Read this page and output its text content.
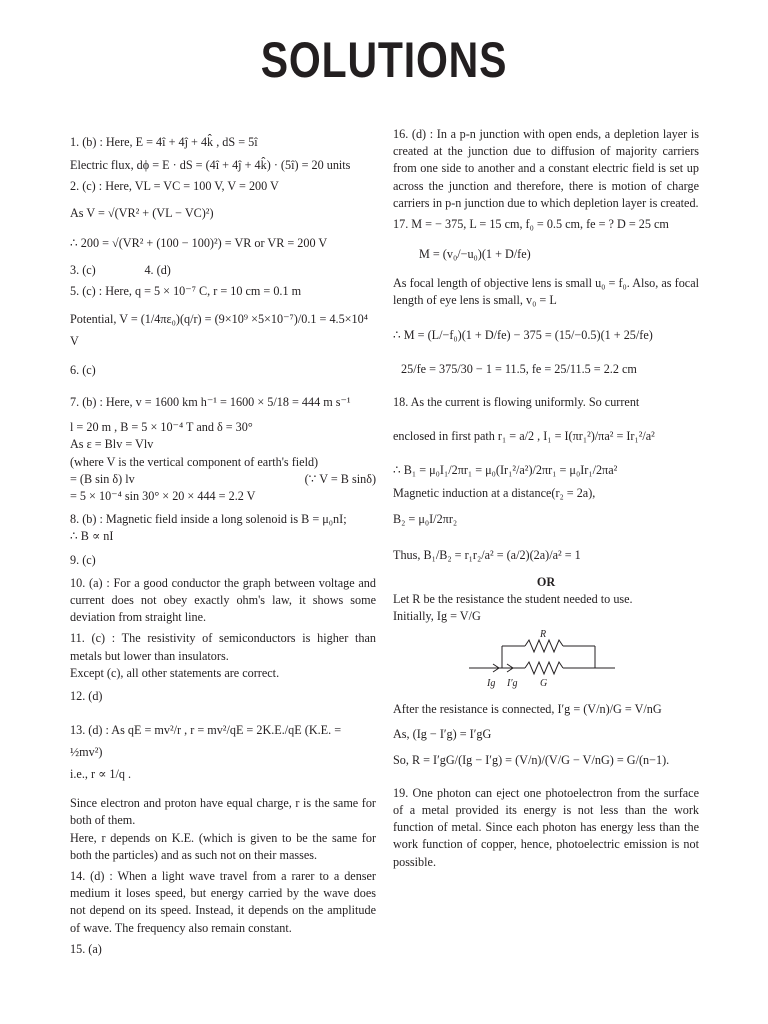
SOLUTIONS

1. (b) : Here, E = 4î + 4ĵ + 4k̂ , dS = 5î

Electric flux, dϕ = E · dS = (4î + 4ĵ + 4k̂) · (5î) = 20 units

2. (c) : Here, VL = VC = 100 V, V = 200 V

As V = √(VR² + (VL − VC)²)

∴ 200 = √(VR² + (100 − 100)²) = VR or VR = 200 V

3. (c)                4. (d)

5. (c) : Here, q = 5 × 10⁻⁷ C, r = 10 cm = 0.1 m

Potential, V = (1/4πε₀)(q/r) = (9×10⁹ ×5×10⁻⁷)/0.1 = 4.5×10⁴ V

6. (c)

7. (b) : Here, v = 1600 km h⁻¹ = 1600 × 5/18 = 444 m s⁻¹

l = 20 m , B = 5 × 10⁻⁴ T and δ = 30°

As ε = Blv = Vlv

(where V is the vertical component of earth's field)

= (B sin δ) lv	(∵ V = B sinδ)

= 5 × 10⁻⁴ sin 30° × 20 × 444 = 2.2 V

8. (b) : Magnetic field inside a long solenoid is B = μ₀nI;

∴ B ∝ nI

9. (c)

10. (a) : For a good conductor the graph between voltage and current does not obey exactly ohm's law, it shows some deviation from straight line.

11. (c) : The resistivity of semiconductors is higher than metals but lower than insulators.

Except (c), all other statements are correct.

12. (d)

13. (d) : As qE = mv²/r , r = mv²/qE = 2K.E./qE (K.E. = ½mv²)

i.e., r ∝ 1/q .

Since electron and proton have equal charge, r is the same for both of them.

Here, r depends on K.E. (which is given to be the same for both the particles) and as such not on their masses.

14. (d) : When a light wave travel from a rarer to a denser medium it loses speed, but energy carried by the wave does not depend on its speed. Instead, it depends on the amplitude of wave. The frequency also remain constant.

15. (a)

16. (d) : In a p-n junction with open ends, a depletion layer is created at the junction due to diffusion of majority carriers from one side to another and a constant electric field is set up across the junction and therefore, there is motion of charge carriers in p-n junction due to which depletion layer is created.

17. M = − 375, L = 15 cm, f₀ = 0.5 cm, fe = ? D = 25 cm

M = (v₀/−u₀)(1 + D/fe)

As focal length of objective lens is small u₀ = f₀. Also, as focal length of eye lens is small, v₀ = L

∴ M = (L/−f₀)(1 + D/fe) − 375 = (15/−0.5)(1 + 25/fe)

25/fe = 375/30 − 1 = 11.5, fe = 25/11.5 = 2.2 cm

18. As the current is flowing uniformly. So current

enclosed in first path r₁ = a/2 , I₁ = I(πr₁²)/πa² = Ir₁²/a²

∴ B₁ = μ₀I₁/2πr₁ = μ₀(Ir₁²/a²)/2πr₁ = μ₀Ir₁/2πa²

Magnetic induction at a distance(r₂ = 2a),

B₂ = μ₀I/2πr₂

Thus, B₁/B₂ = r₁r₂/a² = (a/2)(2a)/a² = 1

OR

Let R be the resistance the student needed to use.

Initially, Ig = V/G

R
Ig I′g G

After the resistance is connected, I′g = (V/n)/G = V/nG

As, (Ig − I′g) = I′gG

So, R = I′gG/(Ig − I′g) = (V/n)/(V/G − V/nG) = G/(n−1).

19. One photon can eject one photoelectron from the surface of a metal provided its energy is not less than the work function of metal. Since each photon has energy less than the work function of copper, hence, photoelectric emission is not possible.
